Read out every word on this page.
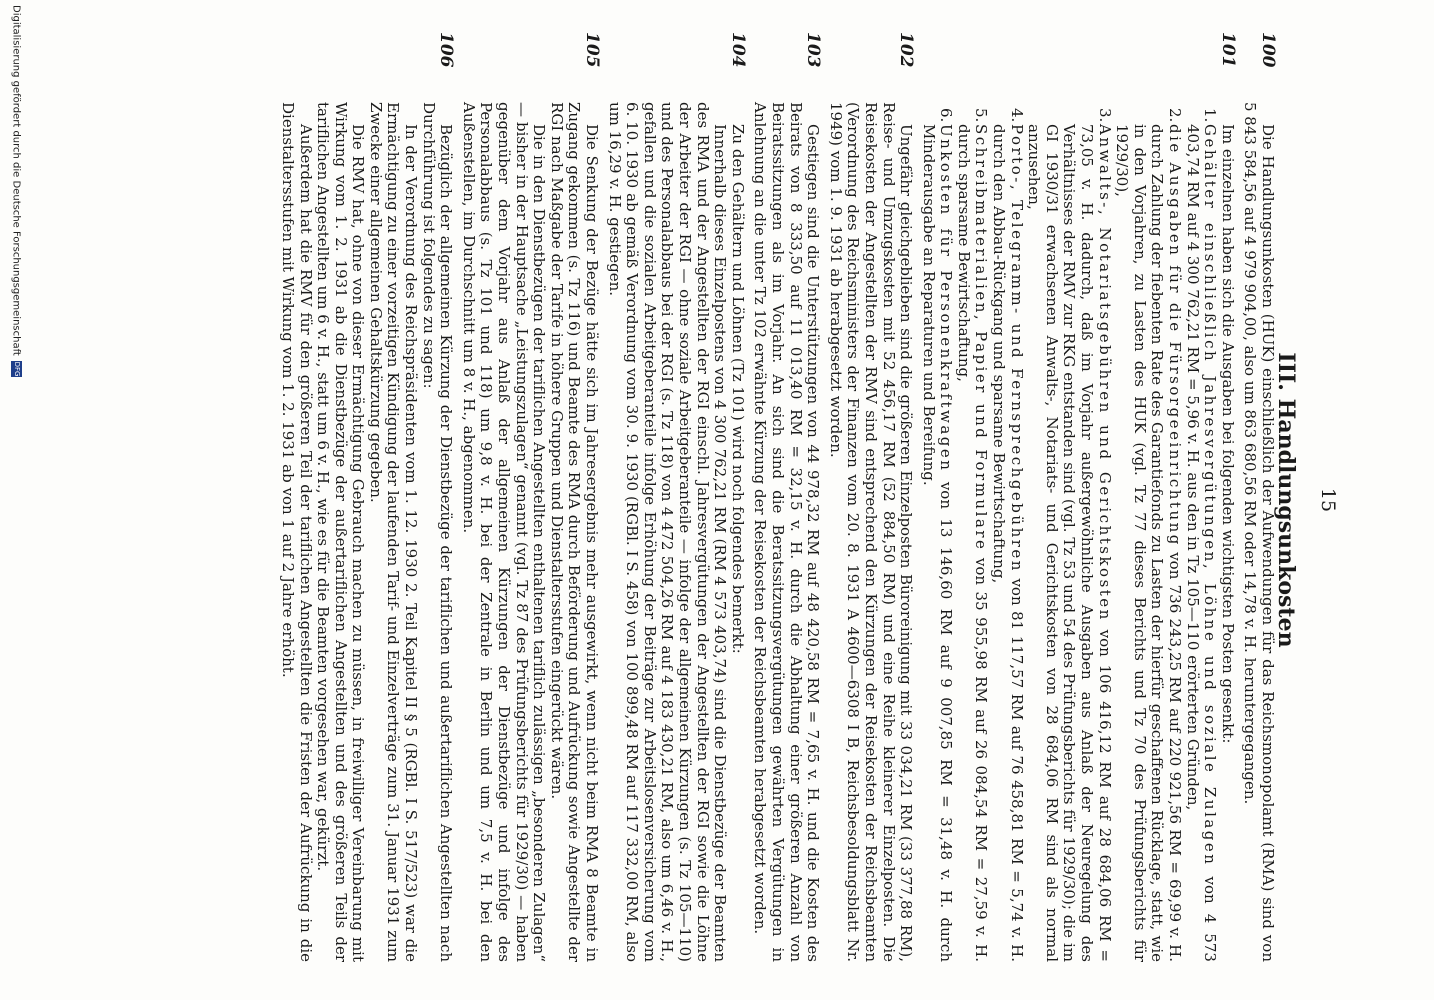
15
III. Handlungsunkosten
100
Die Handlungsunkosten (HUK) einschließlich der Aufwendungen für das Reichsmonopolamt (RMA) sind von 5 843 584,56 auf 4 979 904,00, also um 863 680,56 RM oder 14,78 v. H. heruntergegangen.
101
Im einzelnen haben sich die Ausgaben bei folgenden wichtigsten Posten gesenkt:

1.
Gehälter einschließlich Jahresvergütungen, Löhne und soziale Zulagen von 4 573 403,74 RM auf 4 300 762,21 RM = 5,96 v. H. aus den in Tz 105—110 erörterten Gründen,

2.
die Ausgaben für die Fürsorgeeinrichtung von 736 243,25 RM auf 220 921,56 RM = 69,99 v. H. durch Zahlung der fiebenten Rate des Garantiefonds zu Lasten der hierfür geschaffenen Rücklage, statt, wie in den Vorjahren, zu Lasten des HUK (vgl. Tz 77 dieses Berichts und Tz 70 des Prüfungsberichts für 1929/30),

3.
Anwalts-, Notariatsgebühren und Gerichtskosten von 106 416,12 RM auf 28 684,06 RM = 73,05 v. H. dadurch, daß im Vorjahr außergewöhnliche Ausgaben aus Anlaß der Neuregelung des Verhältnisses der RMV zur RKG entstanden sind (vgl. Tz 53 und 54 des Prüfungsberichts für 1929/30); die im GI 1930/31 erwachsenen Anwalts-, Notariats- und Gerichtskosten von 28 684,06 RM sind als normal anzusehen,

4.
Porto-, Telegramm- und Fernsprechgebühren von 81 117,57 RM auf 76 458,81 RM = 5,74 v. H. durch den Abbau-Rückgang und sparsame Bewirtschaftung,

5.
Schreibmaterialien, Papier und Formulare von 35 955,98 RM auf 26 084,54 RM = 27,59 v. H. durch sparsame Bewirtschaftung,

6.
Unkosten für Personenkraftwagen von 13 146,60 RM auf 9 007,85 RM = 31,48 v. H. durch Minderausgabe an Reparaturen und Bereifung.

102
Ungefähr gleichgeblieben sind die größeren Einzelposten Büroreinigung mit 33 034,21 RM (33 377,88 RM), Reise- und Umzugskosten mit 52 456,17 RM (52 884,50 RM) und eine Reihe kleinerer Einzelposten. Die Reisekosten der Angestellten der RMV sind entsprechend den Kürzungen der Reisekosten der Reichsbeamten (Verordnung des Reichsministers der Finanzen vom 20. 8. 1931 A 4600—6308 I B, Reichsbesoldungsblatt Nr. 1949) vom 1. 9. 1931 ab herabgesetzt worden.
103
Gestiegen sind die Unterstützungen von 44 978,32 RM auf 48 420,58 RM = 7,65 v. H. und die Kosten des Beirats von 8 333,50 auf 11 013,40 RM = 32,15 v. H. durch die Abhaltung einer größeren Anzahl von Beiratssitzungen als im Vorjahr. An sich sind die Beratssitzungsvergütungen gewährten Vergütungen in Anlehnung an die unter Tz 102 erwähnte Kürzung der Reisekosten der Reichsbeamten herabgesetzt worden.
104
Zu den Gehältern und Löhnen (Tz 101) wird noch folgendes bemerkt:
Innerhalb dieses Einzelpostens von 4 300 762,21 RM (RM 4 573 403,74) sind die Dienstbezüge der Beamten des RMA und der Angestellten der RGI einschl. Jahresvergütungen der Angestellten der RGI sowie die Löhne der Arbeiter der RGI — ohne soziale Arbeitgeberanteile — infolge der allgemeinen Kürzungen (s. Tz 105—110) und des Personalabbaus bei der RGI (s. Tz 118) von 4 472 504,26 RM auf 4 183 430,21 RM, also um 6,46 v. H., gefallen und die sozialen Arbeitgeberanteile infolge Erhöhung der Beiträge zur Arbeitslosenversicherung vom 6. 10. 1930 ab gemäß Verordnung vom 30. 9. 1930 (RGBl. I S. 458) von 100 899,48 RM auf 117 332,00 RM, also um 16,29 v. H. gestiegen.
105
Die Senkung der Bezüge hätte sich im Jahresergebnis mehr ausgewirkt, wenn nicht beim RMA 8 Beamte in Zugang gekommen (s. Tz 116) und Beamte des RMA durch Beförderung und Aufrückung sowie Angestellte der RGI nach Maßgabe der Tarife in höhere Gruppen und Dienstaltersstufen eingerückt wären.
Die in den Dienstbezügen der tariflichen Angestellten enthaltenen tariflich zulässigen „besonderen Zulagen“ — bisher in der Hauptsache „Leistungszulagen“ genannt (vgl. Tz 87 des Prüfungsberichts für 1929/30) — haben gegenüber dem Vorjahr aus Anlaß der allgemeinen Kürzungen der Dienstbezüge und infolge des Personalabbaus (s. Tz 101 und 118) um 9,8 v. H. bei der Zentrale in Berlin und um 7,5 v. H. bei den Außenstellen, im Durchschnitt um 8 v. H., abgenommen.
106
Bezüglich der allgemeinen Kürzung der Dienstbezüge der tariflichen und außertariflichen Angestellten nach Durchführung ist folgendes zu sagen:
In der Verordnung des Reichspräsidenten vom 1. 12. 1930 2. Teil Kapitel II § 5 (RGBl. I S. 517/523) war die Ermächtigung zu einer vorzeitigen Kündigung der laufenden Tarif- und Einzelverträge zum 31. Januar 1931 zum Zwecke einer allgemeinen Gehaltskürzung gegeben.
Die RMV hat, ohne von dieser Ermächtigung Gebrauch machen zu müssen, in freiwilliger Vereinbarung mit Wirkung vom 1. 2. 1931 ab die Dienstbezüge der außertariflichen Angestellten und des größeren Teils der tariflichen Angestellten um 6 v. H., statt um 6 v. H., wie es für die Beamten vorgesehen war, gekürzt.
Außerdem hat die RMV für den größeren Teil der tariflichen Angestellten die Fristen der Aufrückung in die Dienstaltersstufen mit Wirkung vom 1. 2. 1931 ab von 1 auf 2 Jahre erhöht.
Digitalisierung gefördert durch die Deutsche Forschungsgemeinschaft DFG
